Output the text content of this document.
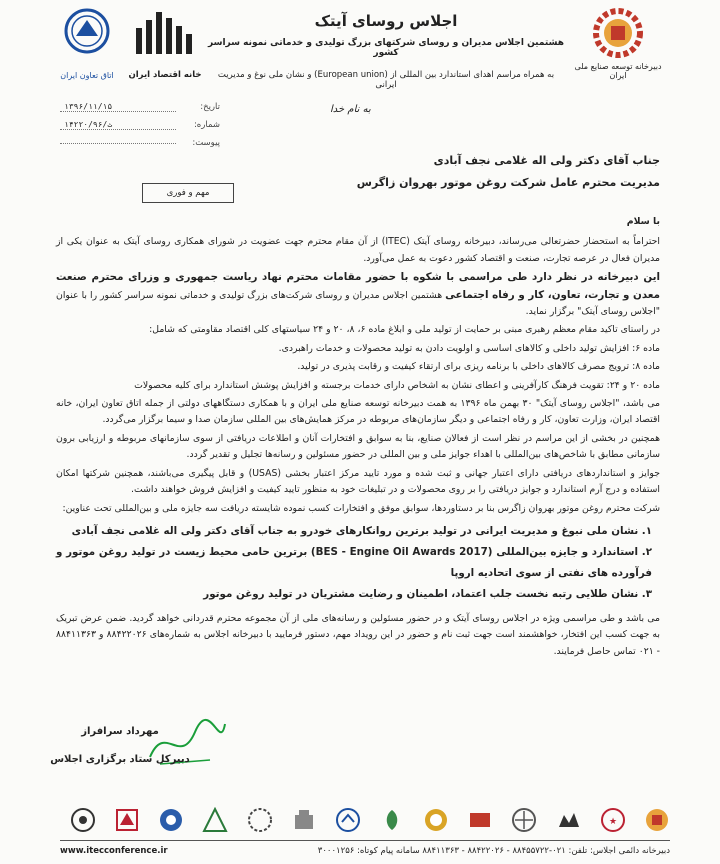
دبیرخانه توسعه صنایع ملی ایران
خانه اقتصاد ایران
اتاق تعاون ایران
اجلاس روسای آیتک
هشتمین اجلاس مدیران و روسای شرکتهای بزرگ تولیدی و خدماتی نمونه سراسر کشور
به همراه مراسم اهدای استاندارد بین المللی از (European union) و نشان ملی نوغ و مدیریت ایرانی
تاریخ:
۱۳۹۶/۱۱/۱۵
شماره:
۱۴۲۲۰/ث/۹۶
پیوست:
به نام خدا
جناب آقای دکتر ولی اله غلامی نجف آبادی
مدیریت محترم عامل شرکت روغن موتور بهروان زاگرس
مهم و فوری

با سلام

احتراماً به استحضار حضرتعالی می‌رساند، دبیرخانه روسای آیتک (ITEC) از آن مقام محترم جهت عضویت در شورای همکاری روسای آیتک به عنوان یکی از مدیران فعال در عرصه تجارت، صنعت و اقتصاد کشور دعوت به عمل می‌آورد.

این دبیرخانه در نظر دارد طی مراسمی با شکوه با حضور مقامات محترم نهاد ریاست جمهوری و وزرای محترم صنعت معدن و تجارت، تعاون، کار و رفاه اجتماعی هشتمین اجلاس مدیران و روسای شرکت‌های بزرگ تولیدی و خدماتی نمونه سراسر کشور را با عنوان "اجلاس روسای آیتک" برگزار نماید.

در راستای تاکید مقام معظم رهبری مبنی بر حمایت از تولید ملی و ابلاغ ماده ۶، ۸، ۲۰ و ۲۴ سیاستهای کلی اقتصاد مقاومتی که شامل:

ماده ۶: افزایش تولید داخلی و کالاهای اساسی و اولویت دادن به تولید محصولات و خدمات راهبردی.

ماده ۸: ترویج مصرف کالاهای داخلی با برنامه ریزی برای ارتقاء کیفیت و رقابت پذیری در تولید.

ماده ۲۰ و ۲۴: تقویت فرهنگ کارآفرینی و اعطای نشان به اشخاص دارای خدمات برجسته و افزایش پوشش استاندارد برای کلیه محصولات

می باشد، "اجلاس روسای آیتک" ۳۰ بهمن ماه ۱۳۹۶ به همت دبیرخانه توسعه صنایع ملی ایران و با همکاری دستگاههای دولتی از جمله اتاق تعاون ایران، خانه اقتصاد ایران، وزارت تعاون، کار و رفاه اجتماعی و دیگر سازمان‌های مربوطه در مرکز همایش‌های بین المللی سازمان صدا و سیما برگزار می‌گردد.

همچنین در بخشی از این مراسم در نظر است از فعالان صنایع، بنا به سوابق و افتخارات آنان و اطلاعات دریافتی از سوی سازمانهای مربوطه و ارزیابی برون سازمانی مطابق با شاخص‌های بین‌المللی با اهداء جوایز ملی و بین المللی در حضور مسئولین و رسانه‌ها تجلیل و تقدیر گردد.

جوایز و استانداردهای دریافتی دارای اعتبار جهانی و ثبت شده و مورد تایید مرکز اعتبار بخشی (USAS) و قابل پیگیری می‌باشند، همچنین شرکتها امکان استفاده و درج آرم استاندارد و جوایز دریافتی را بر روی محصولات و در تبلیغات خود به منظور تایید کیفیت و افزایش فروش خواهند داشت.

شرکت محترم روغن موتور بهروان زاگرس بنا بر دستاوردها، سوابق موفق و افتخارات کسب نموده شایسته دریافت سه جایزه ملی و بین‌المللی تحت عناوین:

۱. نشان ملی نبوغ و مدیریت ایرانی در تولید برترین روانکارهای خودرو به جناب آقای دکتر ولی اله غلامی نجف آبادی
۲. استاندارد و جایزه بین‌المللی (BES - Engine Oil Awards 2017) برترین حامی محیط زیست در تولید روغن موتور و فرآورده های نفتی از سوی اتحادیه اروپا
۳. نشان طلایی رتبه نخست جلب اعتماد، اطمینان و رضایت مشتریان در تولید روغن موتور

می باشد و طی مراسمی ویژه در اجلاس روسای آیتک و در حضور مسئولین و رسانه‌های ملی از آن مجموعه محترم قدردانی خواهد گردید. ضمن عرض تبریک به جهت کسب این افتخار، خواهشمند است جهت ثبت نام و حضور در این رویداد مهم، دستور فرمایید با دبیرخانه اجلاس به شماره‌های ۸۸۴۲۲۰۲۶ و ۸۸۴۱۱۳۶۳ - ۰۲۱ تماس حاصل فرمایند.

مهرداد سرافراز
دبیرکل ستاد برگزاری اجلاس
★
www.itecconference.ir	دبیرخانه دائمی اجلاس: تلفن: ۰۲۱-۸۸۴۵۵۷۲۲ - ۸۸۴۲۲۰۲۶ - ۸۸۴۱۱۳۶۳ سامانه پیام کوتاه: ۳۰۰۰۱۲۵۶
